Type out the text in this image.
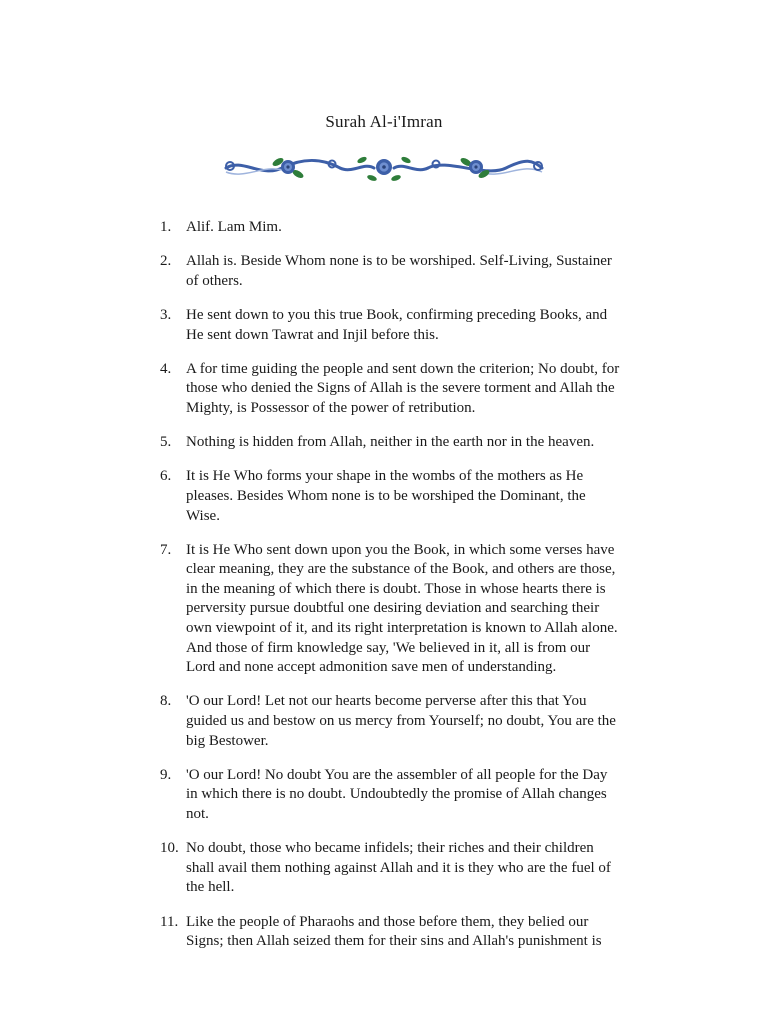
Surah Al-i'Imran
1. Alif. Lam Mim.
2. Allah is. Beside Whom none is to be worshiped. Self-Living, Sustainer of others.
3. He sent down to you this true Book, confirming preceding Books, and He sent down Tawrat and Injil before this.
4. A for time guiding the people and sent down the criterion; No doubt, for those who denied the Signs of Allah is the severe torment and Allah the Mighty, is Possessor of the power of retribution.
5. Nothing is hidden from Allah, neither in the earth nor in the heaven.
6. It is He Who forms your shape in the wombs of the mothers as He pleases. Besides Whom none is to be worshiped the Dominant, the Wise.
7. It is He Who sent down upon you the Book, in which some verses have clear meaning, they are the substance of the Book, and others are those, in the meaning of which there is doubt. Those in whose hearts there is perversity pursue doubtful one desiring deviation and searching their own viewpoint of it, and its right interpretation is known to Allah alone. And those of firm knowledge say, 'We believed in it, all is from our Lord and none accept admonition save men of understanding.
8. 'O our Lord! Let not our hearts become perverse after this that You guided us and bestow on us mercy from Yourself; no doubt, You are the big Bestower.
9. 'O our Lord! No doubt You are the assembler of all people for the Day in which there is no doubt. Undoubtedly the promise of Allah changes not.
10. No doubt, those who became infidels; their riches and their children shall avail them nothing against Allah and it is they who are the fuel of the hell.
11. Like the people of Pharaohs and those before them, they belied our Signs; then Allah seized them for their sins and Allah's punishment is
